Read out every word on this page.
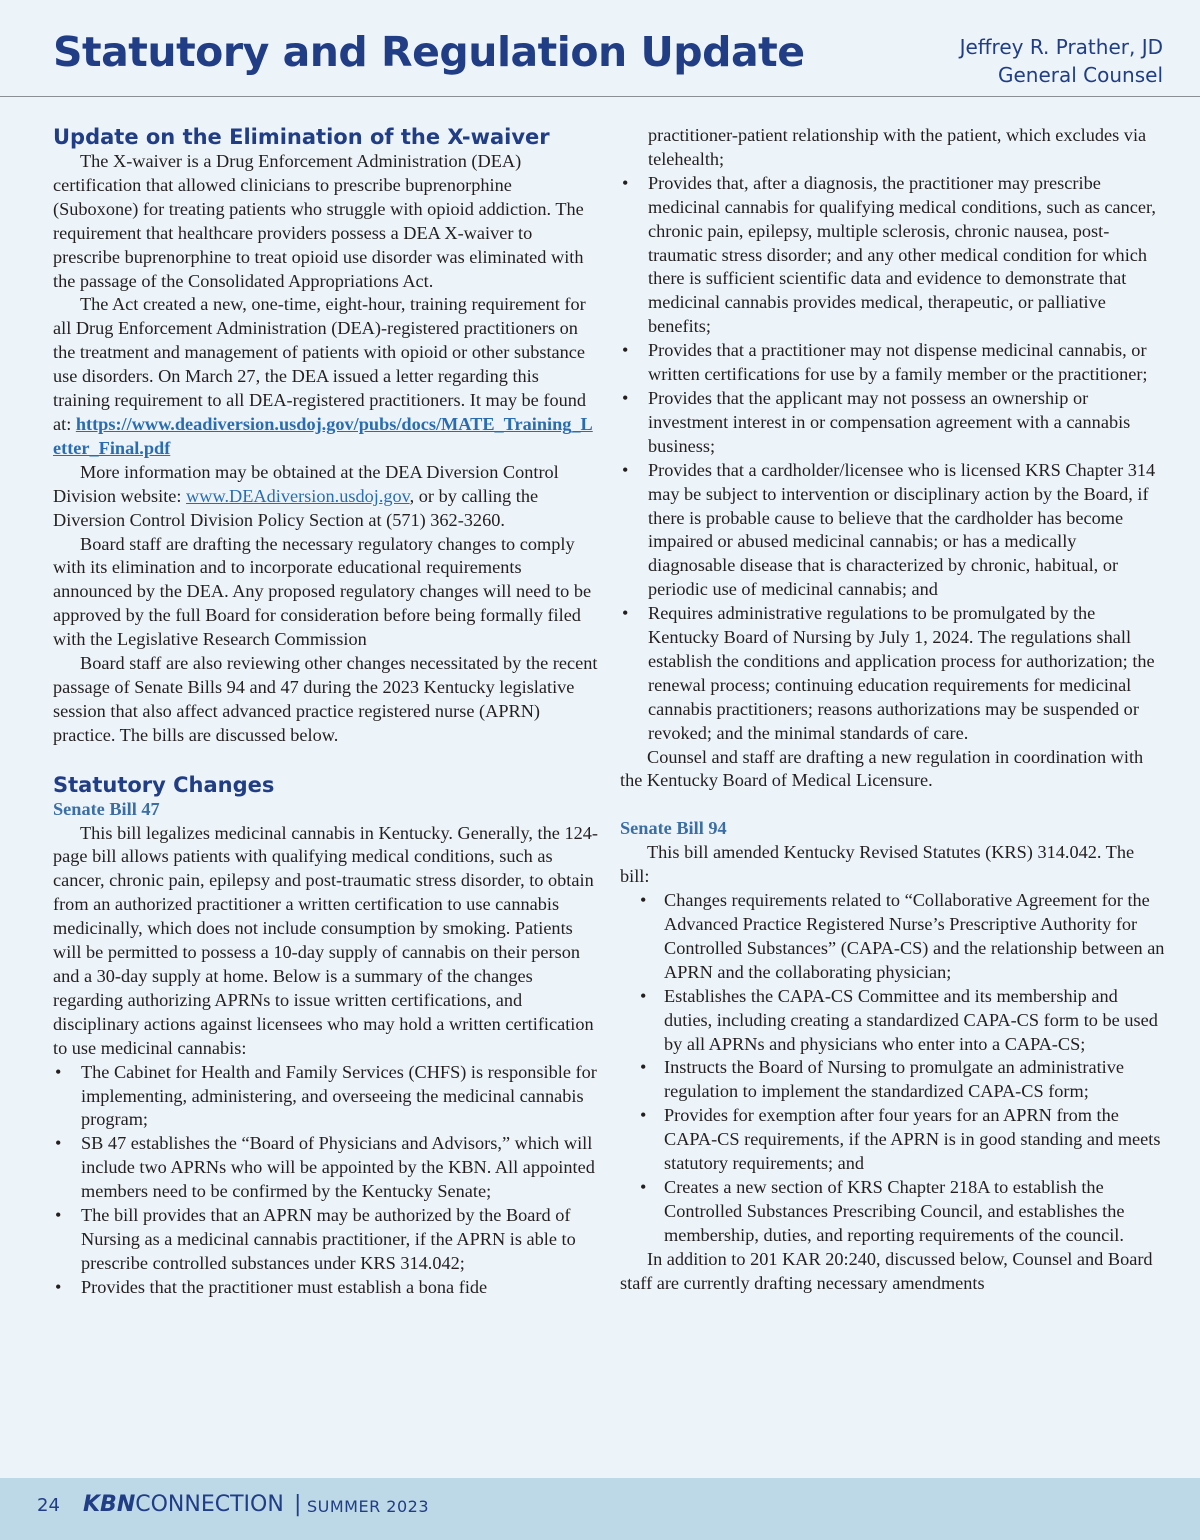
Statutory and Regulation Update	Jeffrey R. Prather, JD
General Counsel

Update on the Elimination of the X-waiver

The X-waiver is a Drug Enforcement Administration (DEA) certification that allowed clinicians to prescribe buprenorphine (Suboxone) for treating patients who struggle with opioid addiction. The requirement that healthcare providers possess a DEA X-waiver to prescribe buprenorphine to treat opioid use disorder was eliminated with the passage of the Consolidated Appropriations Act.

The Act created a new, one-time, eight-hour, training requirement for all Drug Enforcement Administration (DEA)-registered practitioners on the treatment and management of patients with opioid or other substance use disorders. On March 27, the DEA issued a letter regarding this training requirement to all DEA-registered practitioners. It may be found at: https://www.deadiversion.usdoj.gov/pubs/docs/MATE_Training_Letter_Final.pdf

More information may be obtained at the DEA Diversion Control Division website: www.DEAdiversion.usdoj.gov, or by calling the Diversion Control Division Policy Section at (571) 362-3260.

Board staff are drafting the necessary regulatory changes to comply with its elimination and to incorporate educational requirements announced by the DEA. Any proposed regulatory changes will need to be approved by the full Board for consideration before being formally filed with the Legislative Research Commission

Board staff are also reviewing other changes necessitated by the recent passage of Senate Bills 94 and 47 during the 2023 Kentucky legislative session that also affect advanced practice registered nurse (APRN) practice. The bills are discussed below.

Statutory Changes

Senate Bill 47

This bill legalizes medicinal cannabis in Kentucky. Generally, the 124-page bill allows patients with qualifying medical conditions, such as cancer, chronic pain, epilepsy and post-traumatic stress disorder, to obtain from an authorized practitioner a written certification to use cannabis medicinally, which does not include consumption by smoking. Patients will be permitted to possess a 10-day supply of cannabis on their person and a 30-day supply at home. Below is a summary of the changes regarding authorizing APRNs to issue written certifications, and disciplinary actions against licensees who may hold a written certification to use medicinal cannabis:

• The Cabinet for Health and Family Services (CHFS) is responsible for implementing, administering, and overseeing the medicinal cannabis program;
• SB 47 establishes the “Board of Physicians and Advisors,” which will include two APRNs who will be appointed by the KBN. All appointed members need to be confirmed by the Kentucky Senate;
• The bill provides that an APRN may be authorized by the Board of Nursing as a medicinal cannabis practitioner, if the APRN is able to prescribe controlled substances under KRS 314.042;
• Provides that the practitioner must establish a bona fide

practitioner-patient relationship with the patient, which excludes via telehealth;

• Provides that, after a diagnosis, the practitioner may prescribe medicinal cannabis for qualifying medical conditions, such as cancer, chronic pain, epilepsy, multiple sclerosis, chronic nausea, post-traumatic stress disorder; and any other medical condition for which there is sufficient scientific data and evidence to demonstrate that medicinal cannabis provides medical, therapeutic, or palliative benefits;
• Provides that a practitioner may not dispense medicinal cannabis, or written certifications for use by a family member or the practitioner;
• Provides that the applicant may not possess an ownership or investment interest in or compensation agreement with a cannabis business;
• Provides that a cardholder/licensee who is licensed KRS Chapter 314 may be subject to intervention or disciplinary action by the Board, if there is probable cause to believe that the cardholder has become impaired or abused medicinal cannabis; or has a medically diagnosable disease that is characterized by chronic, habitual, or periodic use of medicinal cannabis; and
• Requires administrative regulations to be promulgated by the Kentucky Board of Nursing by July 1, 2024. The regulations shall establish the conditions and application process for authorization; the renewal process; continuing education requirements for medicinal cannabis practitioners; reasons authorizations may be suspended or revoked; and the minimal standards of care.

Counsel and staff are drafting a new regulation in coordination with the Kentucky Board of Medical Licensure.

Senate Bill 94

This bill amended Kentucky Revised Statutes (KRS) 314.042. The bill:

• Changes requirements related to “Collaborative Agreement for the Advanced Practice Registered Nurse’s Prescriptive Authority for Controlled Substances” (CAPA-CS) and the relationship between an APRN and the collaborating physician;
• Establishes the CAPA-CS Committee and its membership and duties, including creating a standardized CAPA-CS form to be used by all APRNs and physicians who enter into a CAPA-CS;
• Instructs the Board of Nursing to promulgate an administrative regulation to implement the standardized CAPA-CS form;
• Provides for exemption after four years for an APRN from the CAPA-CS requirements, if the APRN is in good standing and meets statutory requirements; and
• Creates a new section of KRS Chapter 218A to establish the Controlled Substances Prescribing Council, and establishes the membership, duties, and reporting requirements of the council.

In addition to 201 KAR 20:240, discussed below, Counsel and Board staff are currently drafting necessary amendments

24 KBNCONNECTION | SUMMER 2023
